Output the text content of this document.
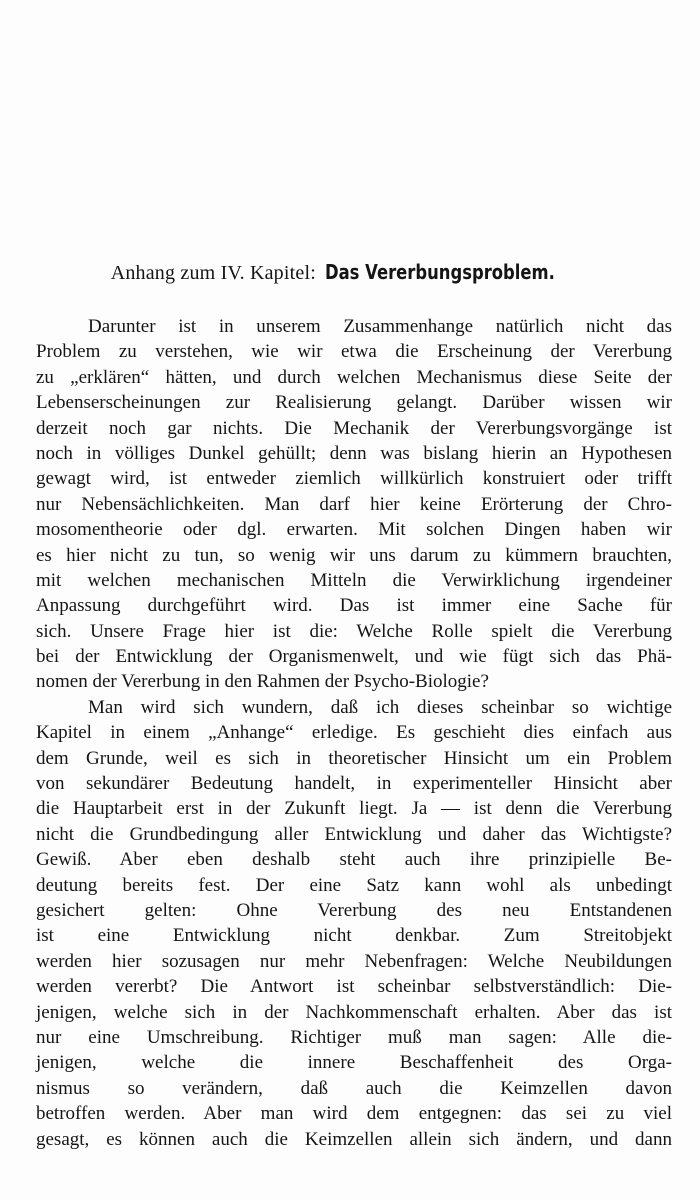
Anhang zum IV. Kapitel: Das Vererbungsproblem.
Darunter ist in unserem Zusammenhange natürlich nicht das
Problem zu verstehen, wie wir etwa die Erscheinung der Vererbung
zu „erklären“ hätten, und durch welchen Mechanismus diese Seite der
Lebenserscheinungen zur Realisierung gelangt. Darüber wissen wir
derzeit noch gar nichts. Die Mechanik der Vererbungsvorgänge ist
noch in völliges Dunkel gehüllt; denn was bislang hierin an Hypothesen
gewagt wird, ist entweder ziemlich willkürlich konstruiert oder trifft
nur Nebensächlichkeiten. Man darf hier keine Erörterung der Chro-
mosomentheorie oder dgl. erwarten. Mit solchen Dingen haben wir
es hier nicht zu tun, so wenig wir uns darum zu kümmern brauchten,
mit welchen mechanischen Mitteln die Verwirklichung irgendeiner
Anpassung durchgeführt wird. Das ist immer eine Sache für
sich. Unsere Frage hier ist die: Welche Rolle spielt die Vererbung
bei der Entwicklung der Organismenwelt, und wie fügt sich das Phä-
nomen der Vererbung in den Rahmen der Psycho-Biologie?
Man wird sich wundern, daß ich dieses scheinbar so wichtige
Kapitel in einem „Anhange“ erledige. Es geschieht dies einfach aus
dem Grunde, weil es sich in theoretischer Hinsicht um ein Problem
von sekundärer Bedeutung handelt, in experimenteller Hinsicht aber
die Hauptarbeit erst in der Zukunft liegt. Ja — ist denn die Vererbung
nicht die Grundbedingung aller Entwicklung und daher das Wichtigste?
Gewiß. Aber eben deshalb steht auch ihre prinzipielle Be-
deutung bereits fest. Der eine Satz kann wohl als unbedingt
gesichert gelten: Ohne Vererbung des neu Entstandenen
ist eine Entwicklung nicht denkbar. Zum Streitobjekt
werden hier sozusagen nur mehr Nebenfragen: Welche Neubildungen
werden vererbt? Die Antwort ist scheinbar selbstverständlich: Die-
jenigen, welche sich in der Nachkommenschaft erhalten. Aber das ist
nur eine Umschreibung. Richtiger muß man sagen: Alle die-
jenigen, welche die innere Beschaffenheit des Orga-
nismus so verändern, daß auch die Keimzellen davon
betroffen werden. Aber man wird dem entgegnen: das sei zu viel
gesagt, es können auch die Keimzellen allein sich ändern, und dann
